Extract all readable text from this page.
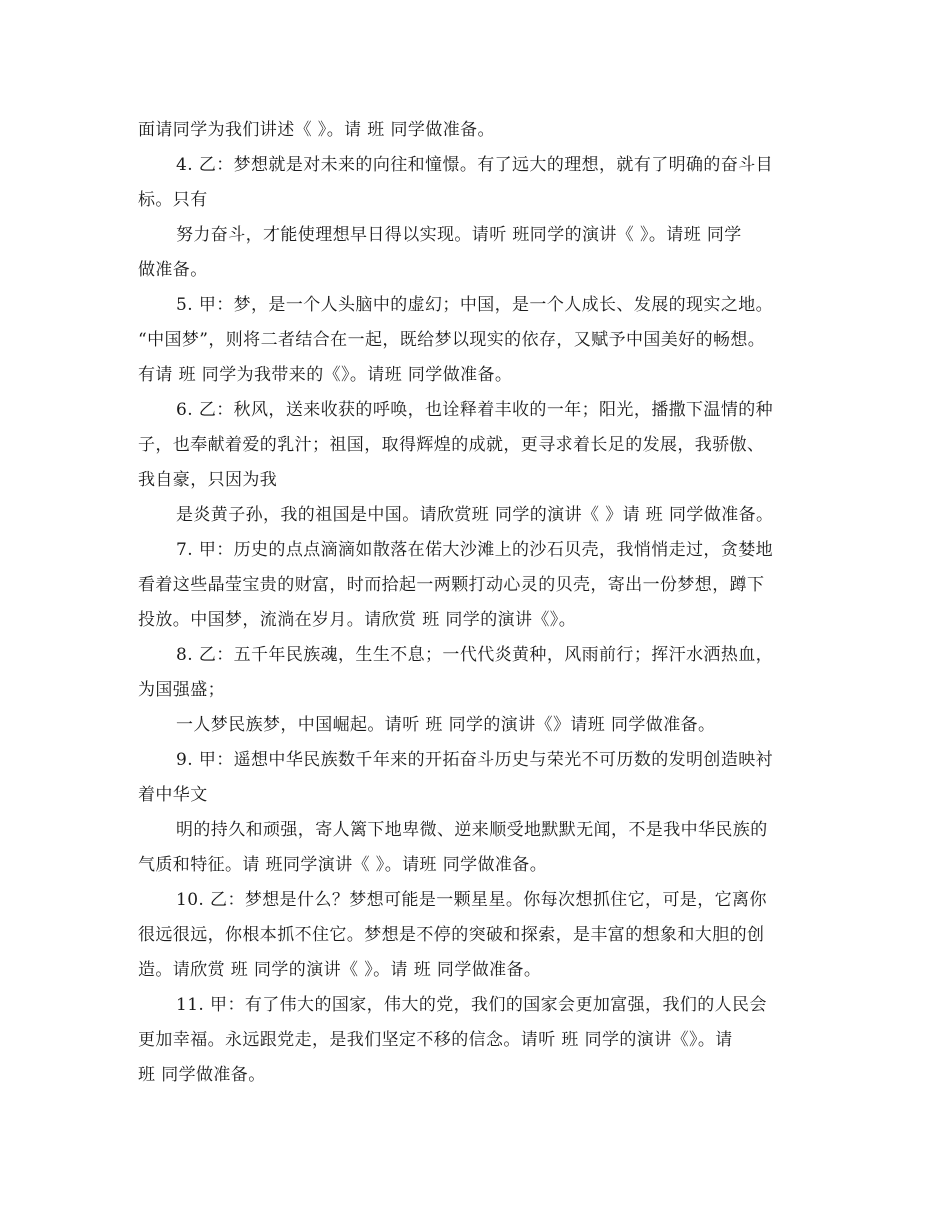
面请同学为我们讲述《 》。请 班 同学做准备。
4. 乙：梦想就是对未来的向往和憧憬。有了远大的理想，就有了明确的奋斗目
标。只有
努力奋斗，才能使理想早日得以实现。请听 班同学的演讲《 》。请班 同学
做准备。
5. 甲：梦，是一个人头脑中的虚幻；中国，是一个人成长、发展的现实之地。
“中国梦”，则将二者结合在一起，既给梦以现实的依存，又赋予中国美好的畅想。
有请 班 同学为我带来的《》。请班 同学做准备。
6. 乙：秋风，送来收获的呼唤，也诠释着丰收的一年；阳光，播撒下温情的种
子，也奉献着爱的乳汁；祖国，取得辉煌的成就，更寻求着长足的发展，我骄傲、
我自豪，只因为我
是炎黄子孙，我的祖国是中国。请欣赏班 同学的演讲《 》请 班 同学做准备。
7. 甲：历史的点点滴滴如散落在偌大沙滩上的沙石贝壳，我悄悄走过，贪婪地
看着这些晶莹宝贵的财富，时而拾起一两颗打动心灵的贝壳，寄出一份梦想，蹲下
投放。中国梦，流淌在岁月。请欣赏 班 同学的演讲《》。
8. 乙：五千年民族魂，生生不息；一代代炎黄种，风雨前行；挥汗水洒热血，
为国强盛；
一人梦民族梦，中国崛起。请听 班 同学的演讲《》请班 同学做准备。
9. 甲：遥想中华民族数千年来的开拓奋斗历史与荣光不可历数的发明创造映衬
着中华文
明的持久和顽强，寄人篱下地卑微、逆来顺受地默默无闻，不是我中华民族的
气质和特征。请 班同学演讲《 》。请班 同学做准备。
10. 乙：梦想是什么？梦想可能是一颗星星。你每次想抓住它，可是，它离你
很远很远，你根本抓不住它。梦想是不停的突破和探索，是丰富的想象和大胆的创
造。请欣赏 班 同学的演讲《 》。请 班 同学做准备。
11. 甲：有了伟大的国家，伟大的党，我们的国家会更加富强，我们的人民会
更加幸福。永远跟党走，是我们坚定不移的信念。请听 班 同学的演讲《》。请
班 同学做准备。
